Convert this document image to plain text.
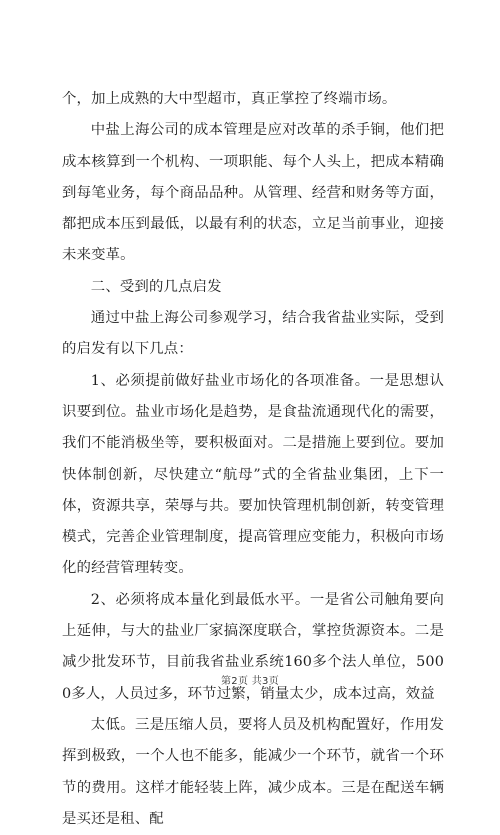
个，加上成熟的大中型超市，真正掌控了终端市场。

中盐上海公司的成本管理是应对改革的杀手锏，他们把成本核算到一个机构、一项职能、每个人头上，把成本精确到每笔业务，每个商品品种。从管理、经营和财务等方面，都把成本压到最低，以最有利的状态，立足当前事业，迎接未来变革。

二、受到的几点启发

通过中盐上海公司参观学习，结合我省盐业实际，受到的启发有以下几点：

1、必须提前做好盐业市场化的各项准备。一是思想认识要到位。盐业市场化是趋势，是食盐流通现代化的需要，我们不能消极坐等，要积极面对。二是措施上要到位。要加快体制创新，尽快建立“航母”式的全省盐业集团，上下一体，资源共享，荣辱与共。要加快管理机制创新，转变管理模式，完善企业管理制度，提高管理应变能力，积极向市场化的经营管理转变。

2、必须将成本量化到最低水平。一是省公司触角要向上延伸，与大的盐业厂家搞深度联合，掌控货源资本。二是减少批发环节，目前我省盐业系统160多个法人单位，5000多人，人员过多，环节过繁，销量太少，成本过高，效益

太低。三是压缩人员，要将人员及机构配置好，作用发挥到极致，一个人也不能多，能减少一个环节，就省一个环节的费用。这样才能轻装上阵，减少成本。三是在配送车辆是买还是租、配

第2页 共3页
